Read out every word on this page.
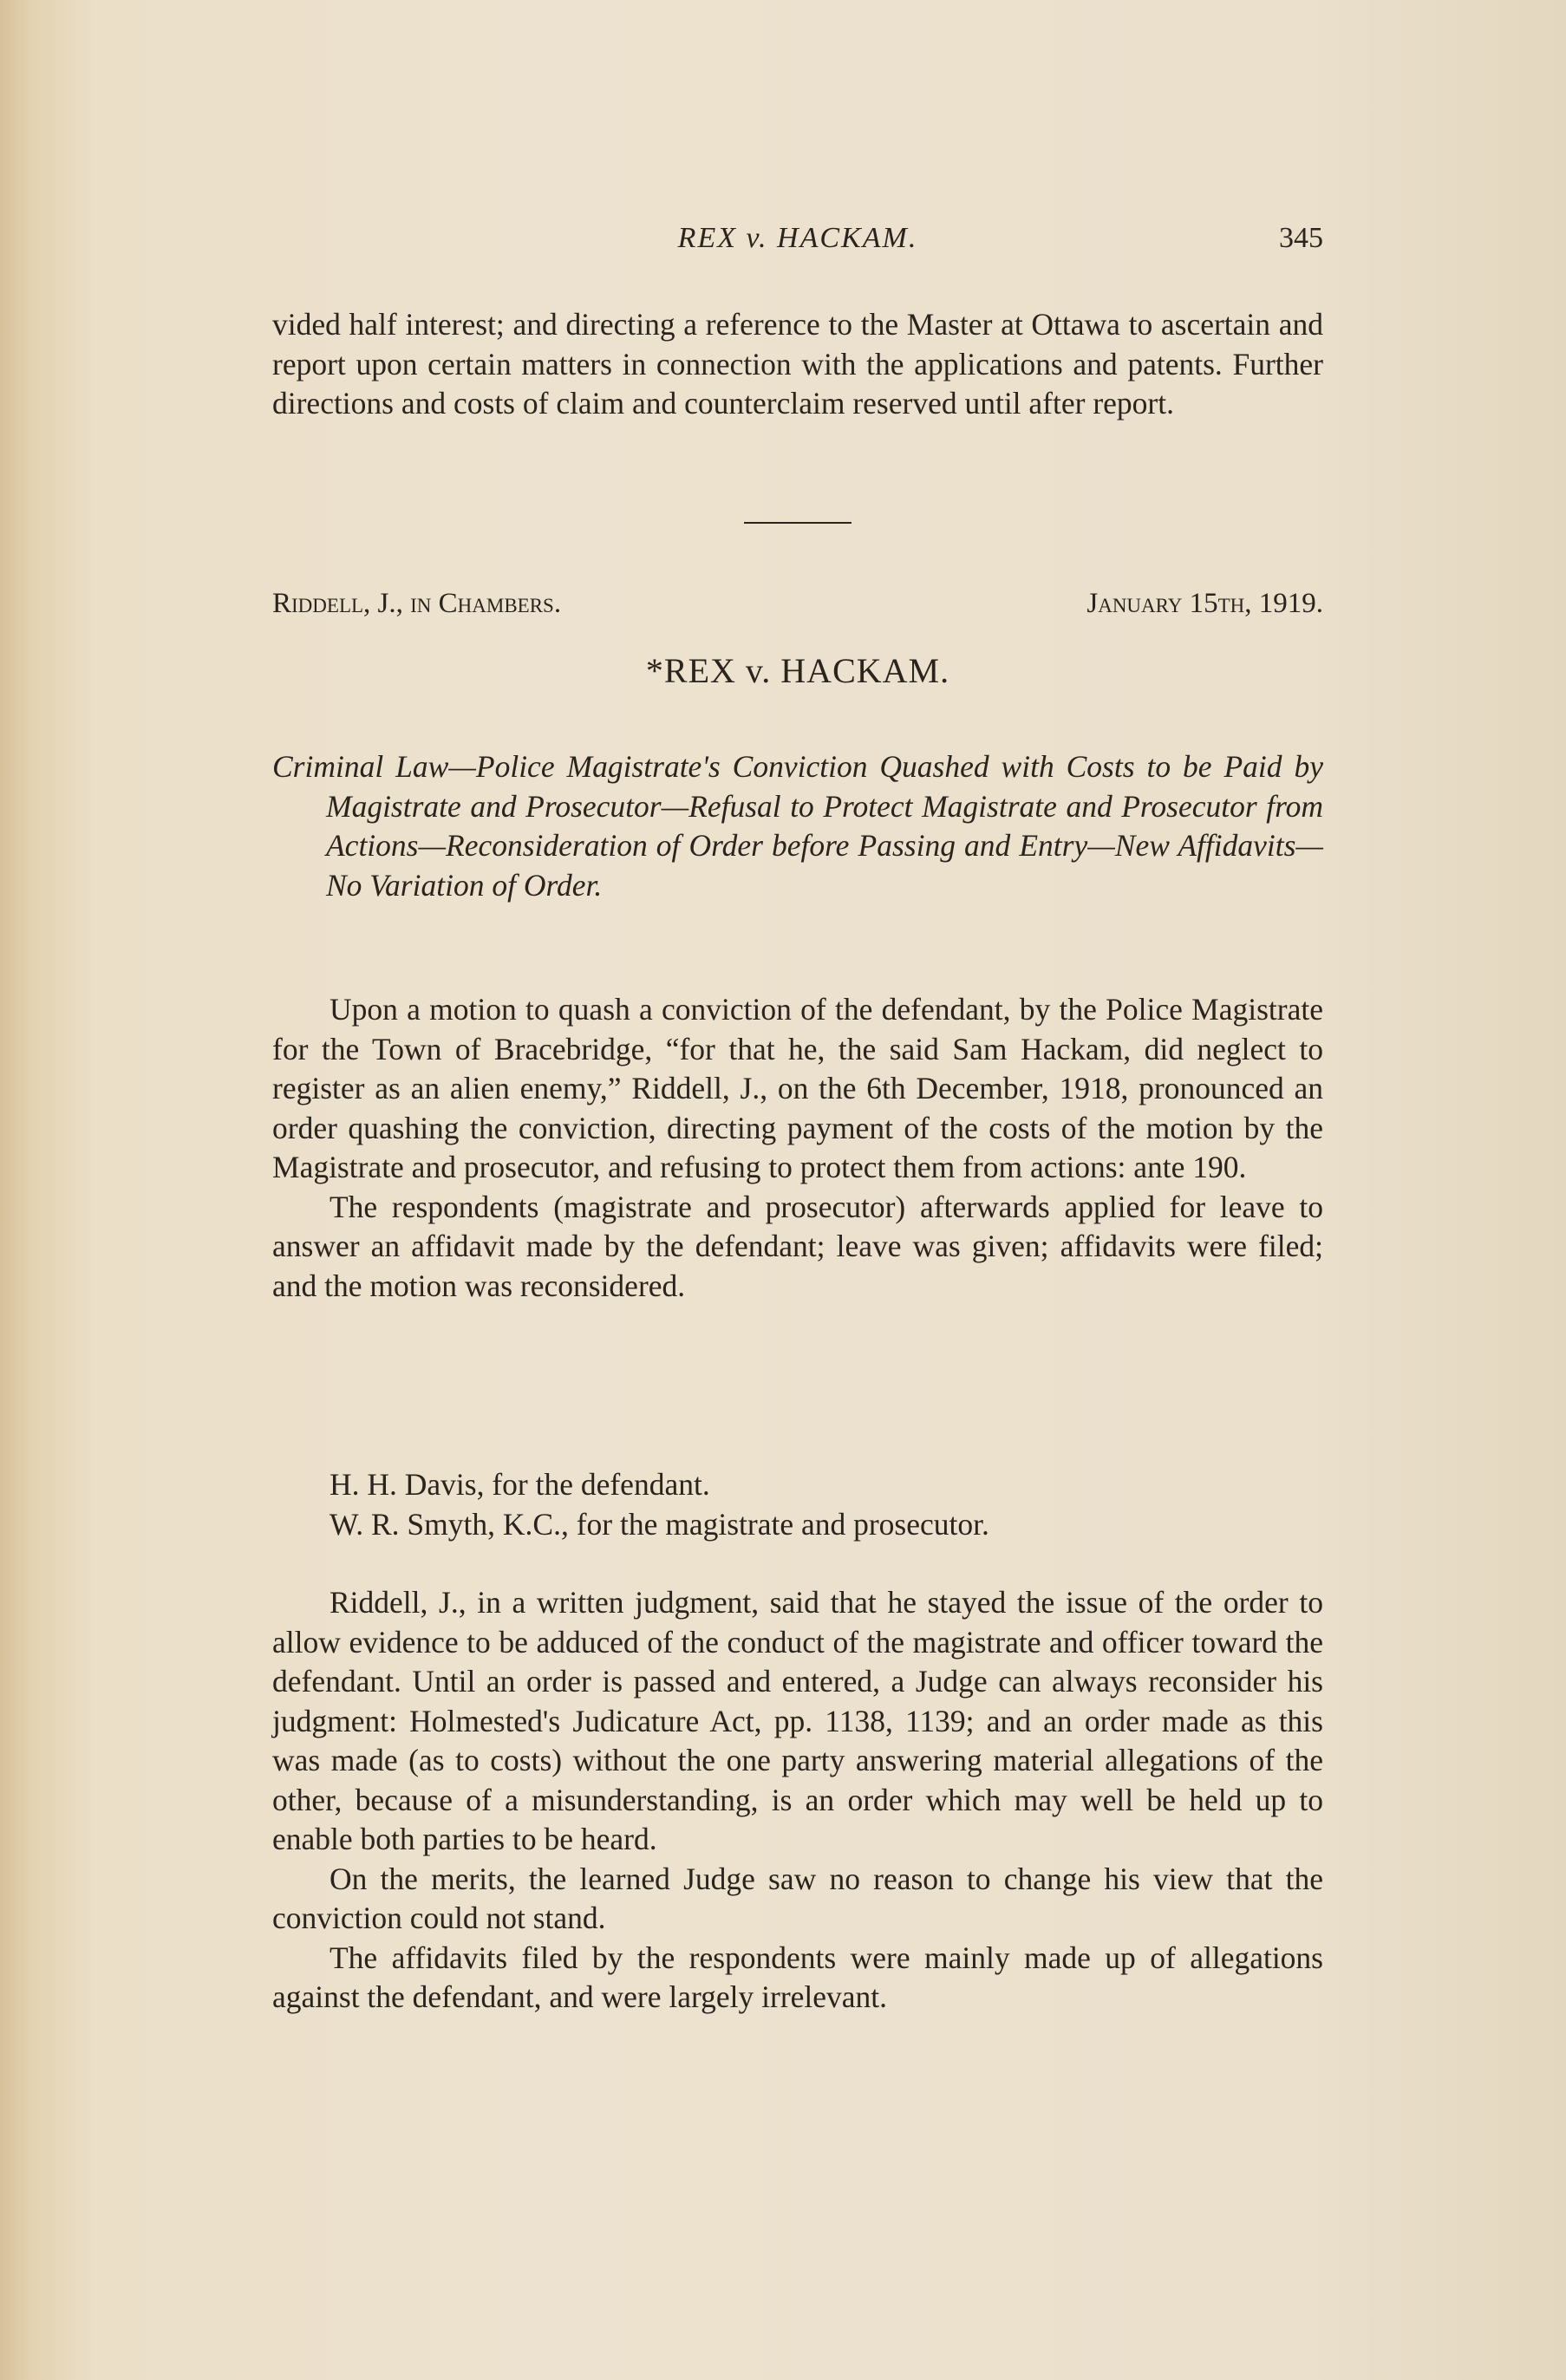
REX v. HACKAM.	345

vided half interest; and directing a reference to the Master at Ottawa to ascertain and report upon certain matters in connection with the applications and patents. Further directions and costs of claim and counterclaim reserved until after report.

Riddell, J., in Chambers.	January 15th, 1919.
*REX v. HACKAM.
Criminal Law—Police Magistrate's Conviction Quashed with Costs to be Paid by Magistrate and Prosecutor—Refusal to Protect Magistrate and Prosecutor from Actions—Reconsideration of Order before Passing and Entry—New Affidavits—No Variation of Order.

Upon a motion to quash a conviction of the defendant, by the Police Magistrate for the Town of Bracebridge, “for that he, the said Sam Hackam, did neglect to register as an alien enemy,” Riddell, J., on the 6th December, 1918, pronounced an order quashing the conviction, directing payment of the costs of the motion by the Magistrate and prosecutor, and refusing to protect them from actions: ante 190.

The respondents (magistrate and prosecutor) afterwards applied for leave to answer an affidavit made by the defendant; leave was given; affidavits were filed; and the motion was reconsidered.

H. H. Davis, for the defendant.

W. R. Smyth, K.C., for the magistrate and prosecutor.

Riddell, J., in a written judgment, said that he stayed the issue of the order to allow evidence to be adduced of the conduct of the magistrate and officer toward the defendant. Until an order is passed and entered, a Judge can always reconsider his judgment: Holmested's Judicature Act, pp. 1138, 1139; and an order made as this was made (as to costs) without the one party answering material allegations of the other, because of a misunderstanding, is an order which may well be held up to enable both parties to be heard.

On the merits, the learned Judge saw no reason to change his view that the conviction could not stand.

The affidavits filed by the respondents were mainly made up of allegations against the defendant, and were largely irrelevant.
